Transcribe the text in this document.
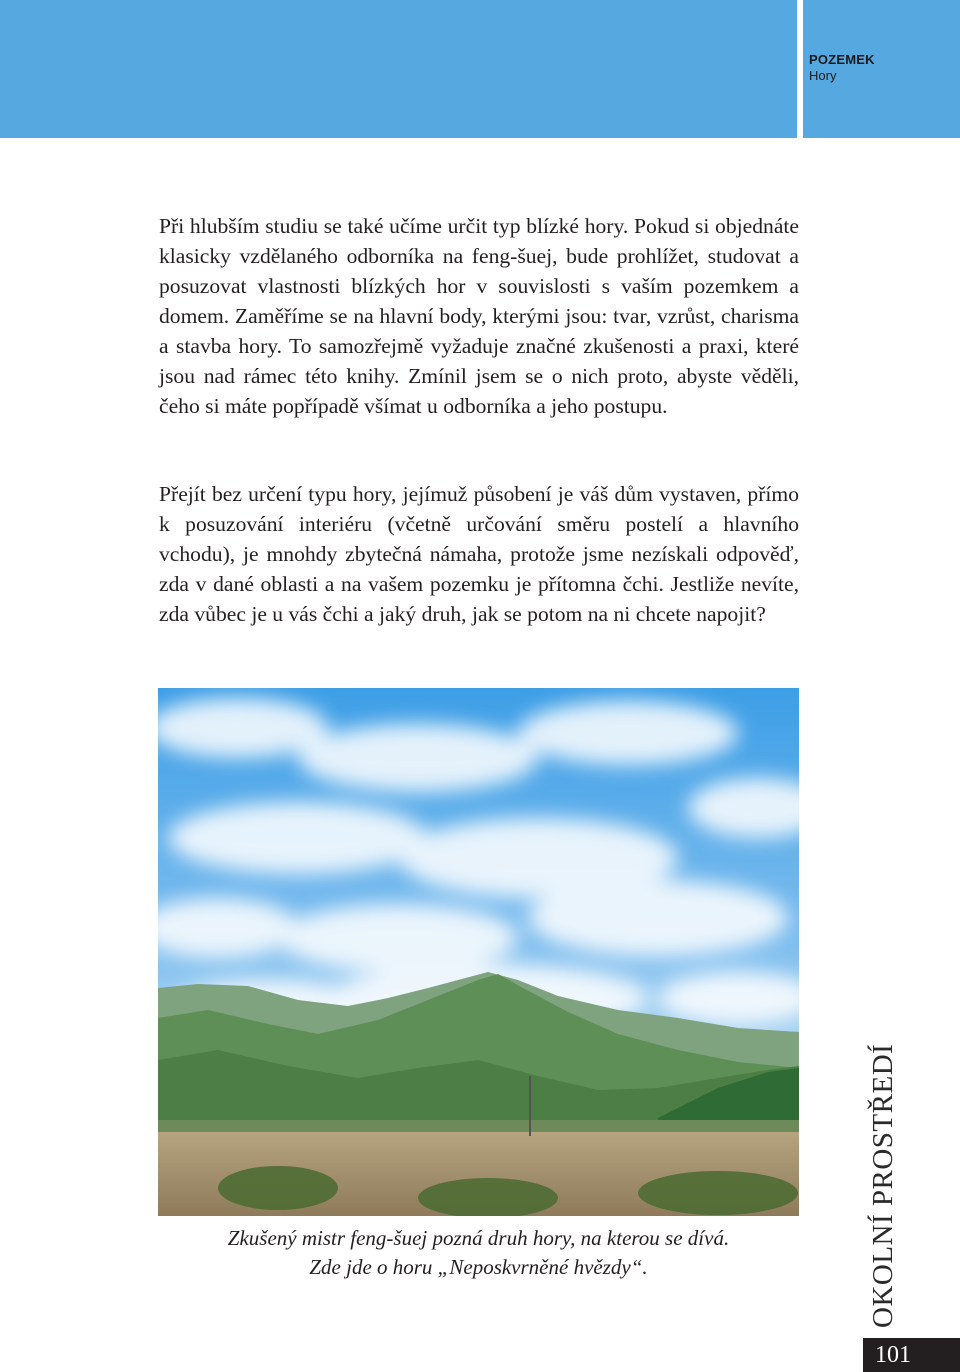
POZEMEK
Hory

Při hlubším studiu se také učíme určit typ blízké hory. Pokud si objednáte klasicky vzdělaného odborníka na feng-šuej, bude prohlížet, studovat a posuzovat vlastnosti blízkých hor v souvislosti s vaším pozemkem a domem. Zaměříme se na hlavní body, kterými jsou: tvar, vzrůst, charisma a stavba hory. To samozřejmě vyžaduje značné zkušenosti a praxi, které jsou nad rámec této knihy. Zmínil jsem se o nich proto, abyste věděli, čeho si máte popřípadě všímat u odborníka a jeho postupu.

Přejít bez určení typu hory, jejímuž působení je váš dům vystaven, přímo k posuzování interiéru (včetně určování směru postelí a hlavního vchodu), je mnohdy zbytečná námaha, protože jsme nezískali odpověď, zda v dané oblasti a na vašem pozemku je přítomna čchi. Jestliže nevíte, zda vůbec je u vás čchi a jaký druh, jak se potom na ni chcete napojit?

Zkušený mistr feng-šuej pozná druh hory, na kterou se dívá.
Zde jde o horu „Neposkvrněné hvězdy“.	OKOLNÍ PROSTŘEDÍ
101
